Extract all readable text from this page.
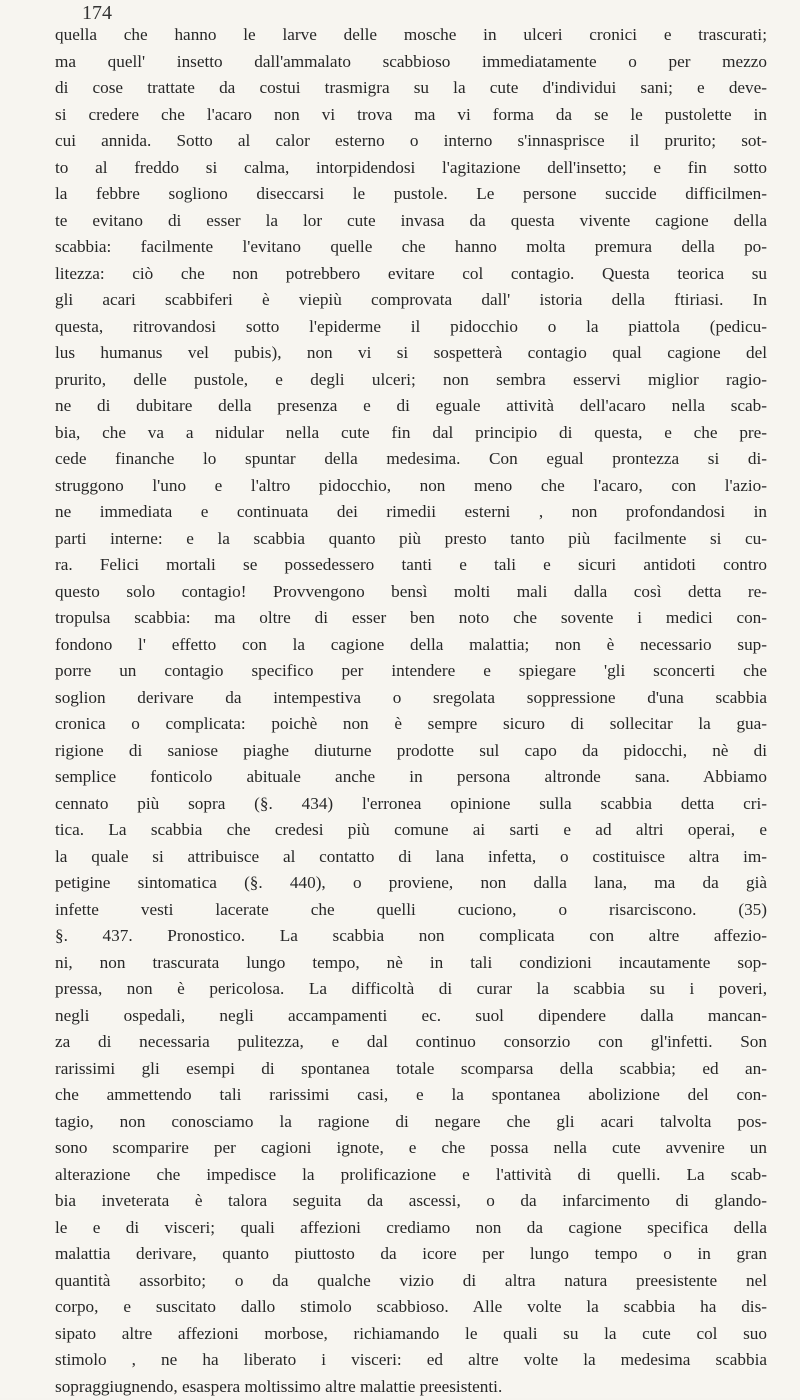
174
quella che hanno le larve delle mosche in ulceri cronici e trascurati;
ma quell' insetto dall'ammalato scabbioso immediatamente o per mezzo
di cose trattate da costui trasmigra su la cute d'individui sani; e deve-
si credere che l'acaro non vi trova ma vi forma da se le pustolette in
cui annida. Sotto al calor esterno o interno s'innasprisce il prurito; sot-
to al freddo si calma, intorpidendosi l'agitazione dell'insetto; e fin sotto
la febbre sogliono diseccarsi le pustole. Le persone succide difficilmen-
te evitano di esser la lor cute invasa da questa vivente cagione della
scabbia: facilmente l'evitano quelle che hanno molta premura della po-
litezza: ciò che non potrebbero evitare col contagio. Questa teorica su
gli acari scabbiferi è viepiù comprovata dall' istoria della ftiriasi. In
questa, ritrovandosi sotto l'epiderme il pidocchio o la piattola (pedicu-
lus humanus vel pubis), non vi si sospetterà contagio qual cagione del
prurito, delle pustole, e degli ulceri; non sembra esservi miglior ragio-
ne di dubitare della presenza e di eguale attività dell'acaro nella scab-
bia, che va a nidular nella cute fin dal principio di questa, e che pre-
cede finanche lo spuntar della medesima. Con egual prontezza si di-
struggono l'uno e l'altro pidocchio, non meno che l'acaro, con l'azio-
ne immediata e continuata dei rimedii esterni , non profondandosi in
parti interne: e la scabbia quanto più presto tanto più facilmente si cu-
ra. Felici mortali se possedessero tanti e tali e sicuri antidoti contro
questo solo contagio! Provvengono bensì molti mali dalla così detta re-
tropulsa scabbia: ma oltre di esser ben noto che sovente i medici con-
fondono l' effetto con la cagione della malattia; non è necessario sup-
porre un contagio specifico per intendere e spiegare 'gli sconcerti che
soglion derivare da intempestiva o sregolata soppressione d'una scabbia
cronica o complicata: poichè non è sempre sicuro di sollecitar la gua-
rigione di saniose piaghe diuturne prodotte sul capo da pidocchi, nè di
semplice fonticolo abituale anche in persona altronde sana. Abbiamo
cennato più sopra (§. 434) l'erronea opinione sulla scabbia detta cri-
tica. La scabbia che credesi più comune ai sarti e ad altri operai, e
la quale si attribuisce al contatto di lana infetta, o costituisce altra im-
petigine sintomatica (§. 440), o proviene, non dalla lana, ma da già
infette vesti lacerate che quelli cuciono, o risarciscono. (35)
§. 437. Pronostico. La scabbia non complicata con altre affezio-
ni, non trascurata lungo tempo, nè in tali condizioni incautamente sop-
pressa, non è pericolosa. La difficoltà di curar la scabbia su i poveri,
negli ospedali, negli accampamenti ec. suol dipendere dalla mancan-
za di necessaria pulitezza, e dal continuo consorzio con gl'infetti. Son
rarissimi gli esempi di spontanea totale scomparsa della scabbia; ed an-
che ammettendo tali rarissimi casi, e la spontanea abolizione del con-
tagio, non conosciamo la ragione di negare che gli acari talvolta pos-
sono scomparire per cagioni ignote, e che possa nella cute avvenire un
alterazione che impedisce la prolificazione e l'attività di quelli. La scab-
bia inveterata è talora seguita da ascessi, o da infarcimento di glando-
le e di visceri; quali affezioni crediamo non da cagione specifica della
malattia derivare, quanto piuttosto da icore per lungo tempo o in gran
quantità assorbito; o da qualche vizio di altra natura preesistente nel
corpo, e suscitato dallo stimolo scabbioso. Alle volte la scabbia ha dis-
sipato altre affezioni morbose, richiamando le quali su la cute col suo
stimolo , ne ha liberato i visceri: ed altre volte la medesima scabbia
sopraggiugnendo, esaspera moltissimo altre malattie preesistenti.
